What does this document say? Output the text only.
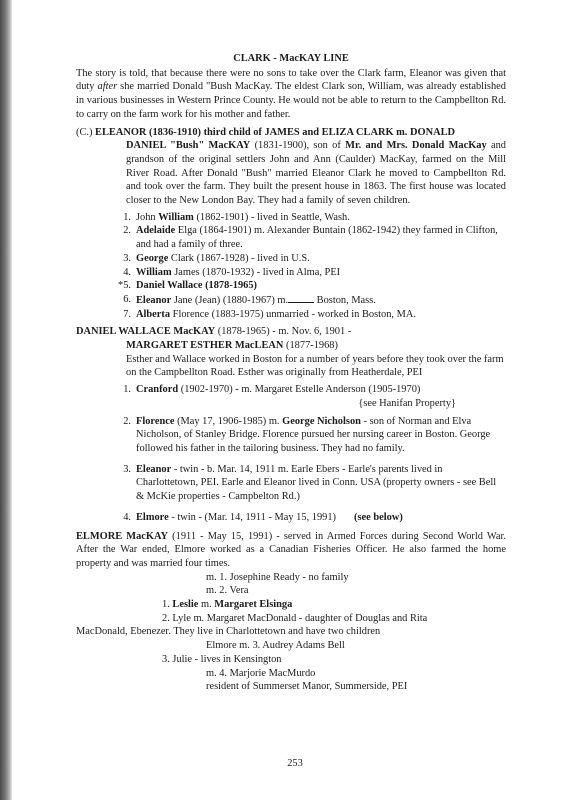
CLARK - MacKAY LINE

The story is told, that because there were no sons to take over the Clark farm, Eleanor was given that duty after she married Donald "Bush MacKay. The eldest Clark son, William, was already established in various businesses in Western Prince County. He would not be able to return to the Campbellton Rd. to carry on the farm work for his mother and father.

(C.) ELEANOR (1836-1910) third child of JAMES and ELIZA CLARK m. DONALD

DANIEL "Bush" MacKAY (1831-1900), son of Mr. and Mrs. Donald MacKay and grandson of the original settlers John and Ann (Caulder) MacKay, farmed on the Mill River Road. After Donald "Bush" married Eleanor Clark he moved to Campbellton Rd. and took over the farm. They built the present house in 1863. The first house was located closer to the New London Bay. They had a family of seven children.

1. John William (1862-1901) - lived in Seattle, Wash.
2. Adelaide Elga (1864-1901) m. Alexander Buntain (1862-1942) they farmed in Clifton, and had a family of three.
3. George Clark (1867-1928) - lived in U.S.
4. William James (1870-1932) - lived in Alma, PEI
*5. Daniel Wallace (1878-1965)
6. Eleanor Jane (Jean) (1880-1967) m.	Boston, Mass.
7. Alberta Florence (1883-1975) unmarried - worked in Boston, MA.

DANIEL WALLACE MacKAY (1878-1965) - m. Nov. 6, 1901 -

MARGARET ESTHER MacLEAN (1877-1968)

Esther and Wallace worked in Boston for a number of years before they took over the farm on the Campbellton Road. Esther was originally from Heatherdale, PEI

1. Cranford (1902-1970) - m. Margaret Estelle Anderson (1905-1970)
{see Hanifan Property}
2. Florence (May 17, 1906-1985) m. George Nicholson - son of Norman and Elva Nicholson, of Stanley Bridge. Florence pursued her nursing career in Boston. George followed his father in the tailoring business. They had no family.
3. Eleanor - twin - b. Mar. 14, 1911 m. Earle Ebers - Earle's parents lived in Charlottetown, PEI. Earle and Eleanor lived in Conn. USA (property owners - see Bell & McKie properties - Campbelton Rd.)
4. Elmore - twin - (Mar. 14, 1911 - May 15, 1991) (see below)

ELMORE MacKAY (1911 - May 15, 1991) - served in Armed Forces during Second World War. After the War ended, Elmore worked as a Canadian Fisheries Officer. He also farmed the home property and was married four times.

m. 1. Josephine Ready - no family

m. 2. Vera

1. Leslie m. Margaret Elsinga

2. Lyle m. Margaret MacDonald - daughter of Douglas and Rita

MacDonald, Ebenezer. They live in Charlottetown and have two children

Elmore m. 3. Audrey Adams Bell

3. Julie - lives in Kensington

m. 4. Marjorie MacMurdo

resident of Summerset Manor, Summerside, PEI

253
